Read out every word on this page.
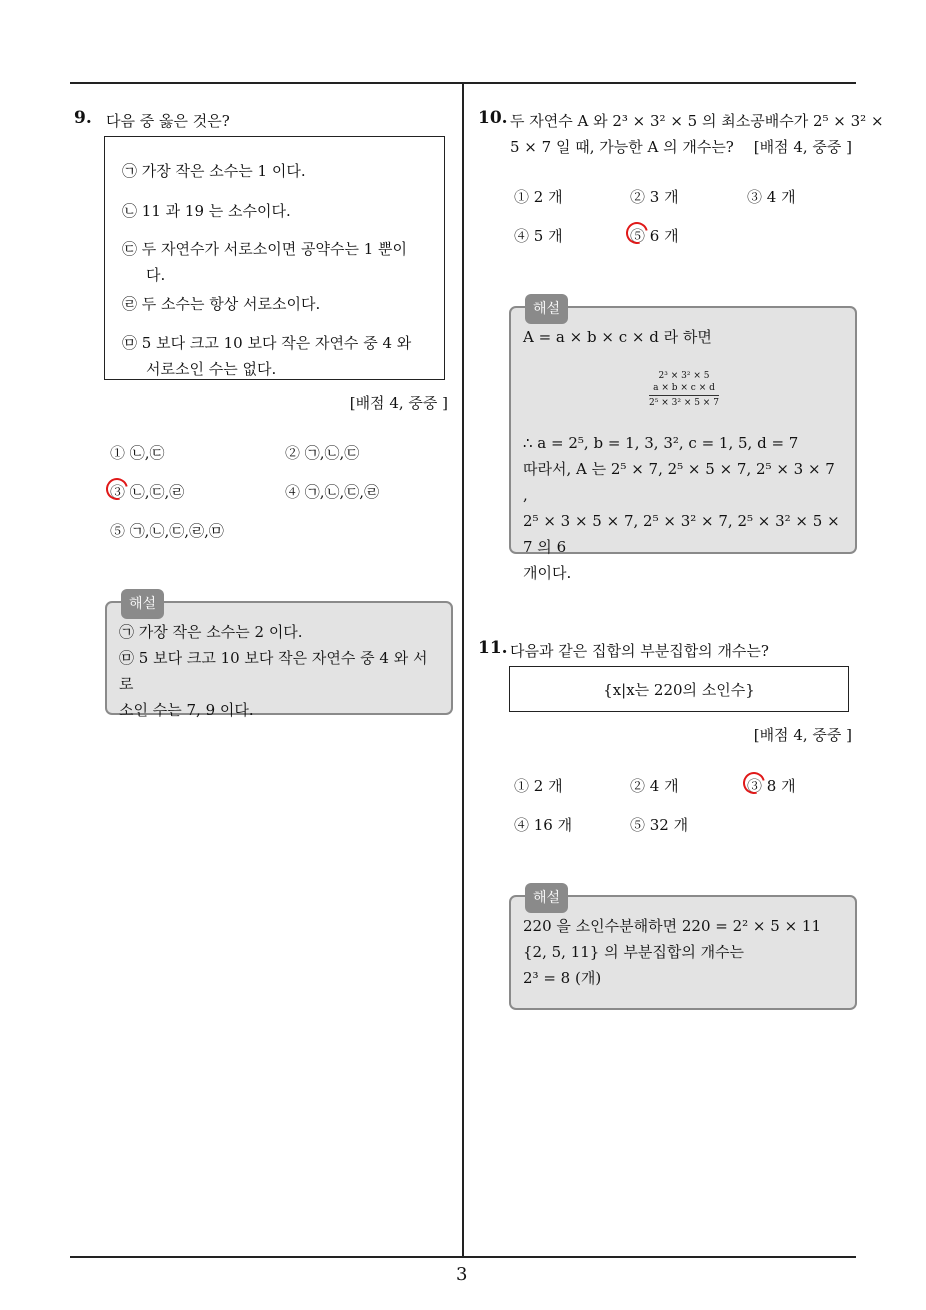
3
9. 다음 중 옳은 것은?
㉠ 가장 작은 소수는 1 이다.
㉡ 11 과 19 는 소수이다.
㉢ 두 자연수가 서로소이면 공약수는 1 뿐이
다.
㉣ 두 소수는 항상 서로소이다.
㉤ 5 보다 크고 10 보다 작은 자연수 중 4 와
서로소인 수는 없다.
[배점 4, 중중 ]
① ㉡,㉢	② ㉠,㉡,㉢
③ ㉡,㉢,㉣	④ ㉠,㉡,㉢,㉣
⑤ ㉠,㉡,㉢,㉣,㉤
해설
㉠ 가장 작은 소수는 2 이다.
㉤ 5 보다 크고 10 보다 작은 자연수 중 4 와 서로
소인 수는 7, 9 이다.
10. 두 자연수 A 와 2³ × 3² × 5 의 최소공배수가 2⁵ × 3² ×
5 × 7 일 때, 가능한 A 의 개수는?	[배점 4, 중중 ]
① 2 개	② 3 개	③ 4 개
④ 5 개	⑤ 6 개
해설
A = a × b × c × d 라 하면
2³ × 3² × 5
a × b × c × d
2⁵ × 3² × 5 × 7
∴ a = 2⁵, b = 1, 3, 3², c = 1, 5, d = 7
따라서, A 는 2⁵ × 7, 2⁵ × 5 × 7, 2⁵ × 3 × 7 ,
2⁵ × 3 × 5 × 7, 2⁵ × 3² × 7, 2⁵ × 3² × 5 × 7 의 6
개이다.
11. 다음과 같은 집합의 부분집합의 개수는?
{x|x는 220의 소인수}
[배점 4, 중중 ]
① 2 개	② 4 개	③ 8 개
④ 16 개	⑤ 32 개
해설
220 을 소인수분해하면 220 = 2² × 5 × 11
{2, 5, 11} 의 부분집합의 개수는
2³ = 8 (개)
